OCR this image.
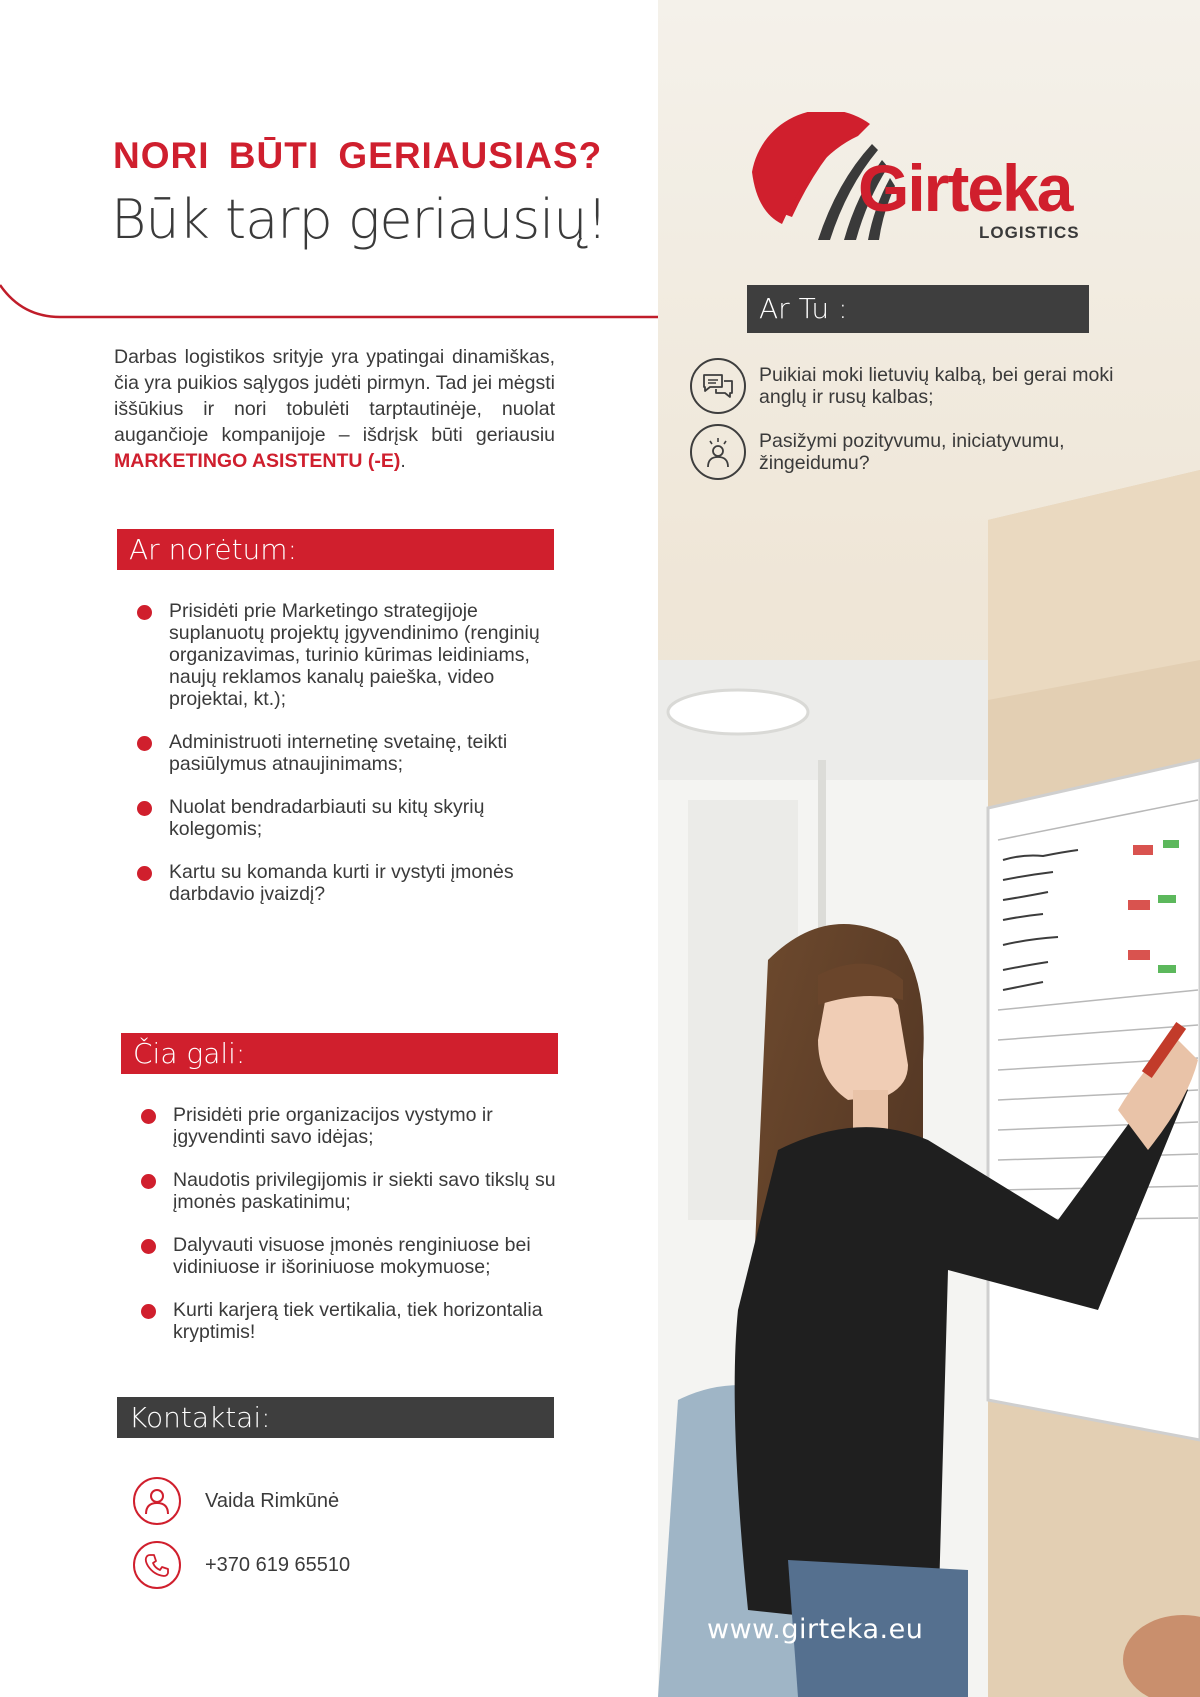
NORI BŪTI GERIAUSIAS?
Būk tarp geriausių!

Darbas logistikos srityje yra ypatingai dinamiškas, čia yra puikios sąlygos judėti pirmyn. Tad jei mėgsti iššūkius ir nori tobulėti tarptautinėje, nuolat augančioje kompanijoje – išdrįsk būti geriausiu MARKETINGO ASISTENTU (-E).

Ar norėtum:
Prisidėti prie Marketingo strategijoje suplanuotų projektų įgyvendinimo (renginių organizavimas, turinio kūrimas leidiniams, naujų reklamos kanalų paieška, video projektai, kt.);
Administruoti internetinę svetainę, teikti pasiūlymus atnaujinimams;
Nuolat bendradarbiauti su kitų skyrių kolegomis;
Kartu su komanda kurti ir vystyti įmonės darbdavio įvaizdį?
Čia gali:
Prisidėti prie organizacijos vystymo ir įgyvendinti savo idėjas;
Naudotis privilegijomis ir siekti savo tikslų su įmonės paskatinimu;
Dalyvauti visuose įmonės renginiuose bei vidiniuose ir išoriniuose mokymuose;
Kurti karjerą tiek vertikalia, tiek horizontalia kryptimis!
Kontaktai:
Vaida Rimkūnė
+370 619 65510
Girteka
LOGISTICS
Ar Tu :
Puikiai moki lietuvių kalbą, bei gerai moki anglų ir rusų kalbas;
Pasižymi pozityvumu, iniciatyvumu, žingeidumu?
www.girteka.eu
